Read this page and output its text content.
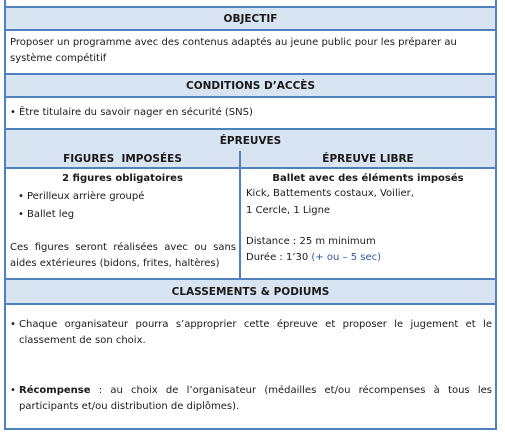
OBJECTIF
Proposer un programme avec des contenus adaptés au jeune public pour les préparer au système compétitif
CONDITIONS D’ACCÈS
• Être titulaire du savoir nager en sécurité (SNS)
ÉPREUVES
FIGURES  IMPOSÉES	ÉPREUVE LIBRE
2 figures obligatoires
• Perilleux arrière groupé
• Ballet leg
Ces figures seront réalisées avec ou sans aides extérieures (bidons, frites, haltères)
Ballet avec des éléments imposés
Kick, Battements costaux, Voilier,
1 Cercle, 1 Ligne
Distance : 25 m minimum
Durée : 1’30 (+ ou – 5 sec)
CLASSEMENTS & PODIUMS
• Chaque organisateur pourra s’approprier cette épreuve et proposer le jugement et le classement de son choix.
• Récompense : au choix de l’organisateur (médailles et/ou récompenses à tous les participants et/ou distribution de diplômes).
